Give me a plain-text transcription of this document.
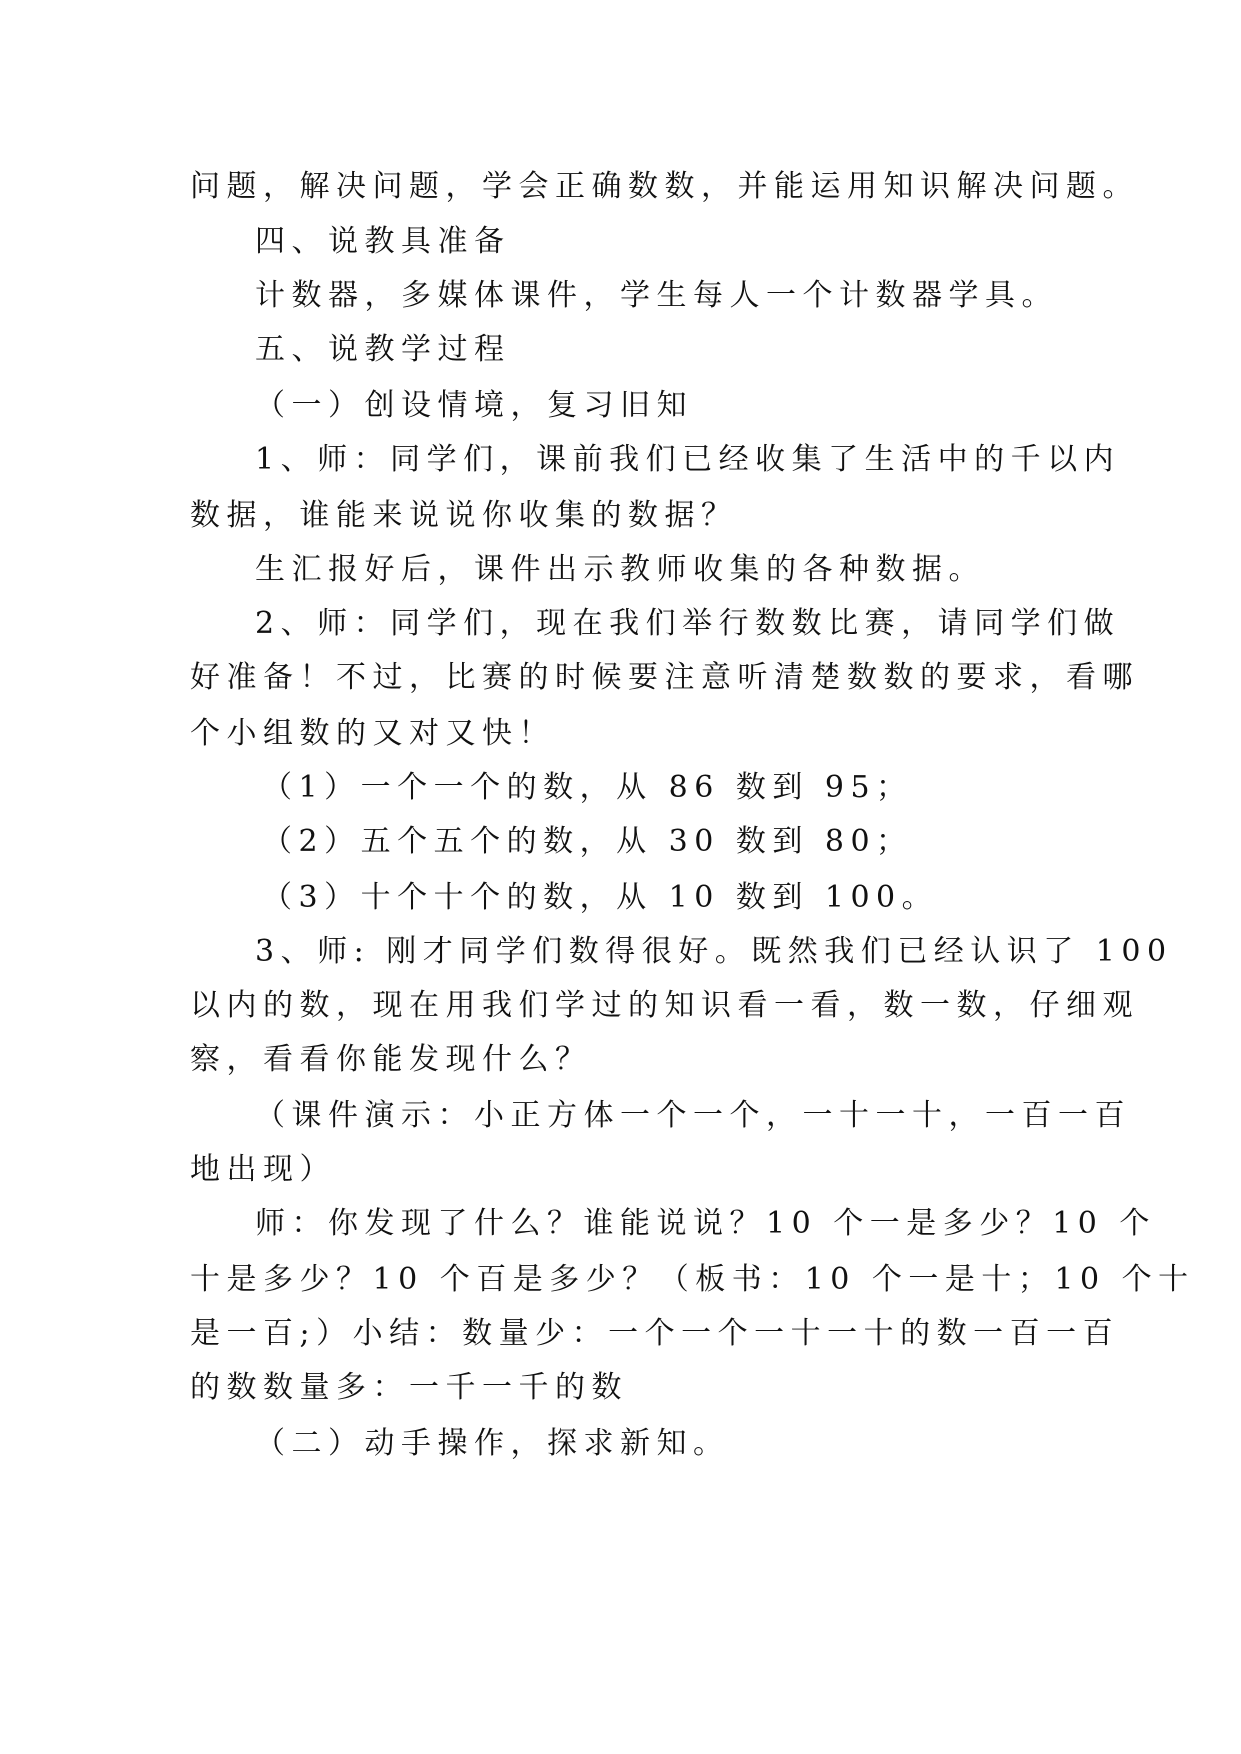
问题，解决问题，学会正确数数，并能运用知识解决问题。
四、说教具准备
计数器，多媒体课件，学生每人一个计数器学具。
五、说教学过程
（一）创设情境，复习旧知
1、师：同学们，课前我们已经收集了生活中的千以内
数据，谁能来说说你收集的数据？
生汇报好后，课件出示教师收集的各种数据。
2、师：同学们，现在我们举行数数比赛，请同学们做
好准备！不过，比赛的时候要注意听清楚数数的要求，看哪
个小组数的又对又快！
（1）一个一个的数，从 86 数到 95；
（2）五个五个的数，从 30 数到 80；
（3）十个十个的数，从 10 数到 100。
3、师: 刚才同学们数得很好。既然我们已经认识了 100
以内的数，现在用我们学过的知识看一看，数一数，仔细观
察，看看你能发现什么？
（课件演示：小正方体一个一个，一十一十，一百一百
地出现）
师：你发现了什么？谁能说说？10 个一是多少？10 个
十是多少？10 个百是多少？（板书：10 个一是十；10 个十
是一百;）小结：数量少：一个一个一十一十的数一百一百
的数数量多：一千一千的数
（二）动手操作，探求新知。
